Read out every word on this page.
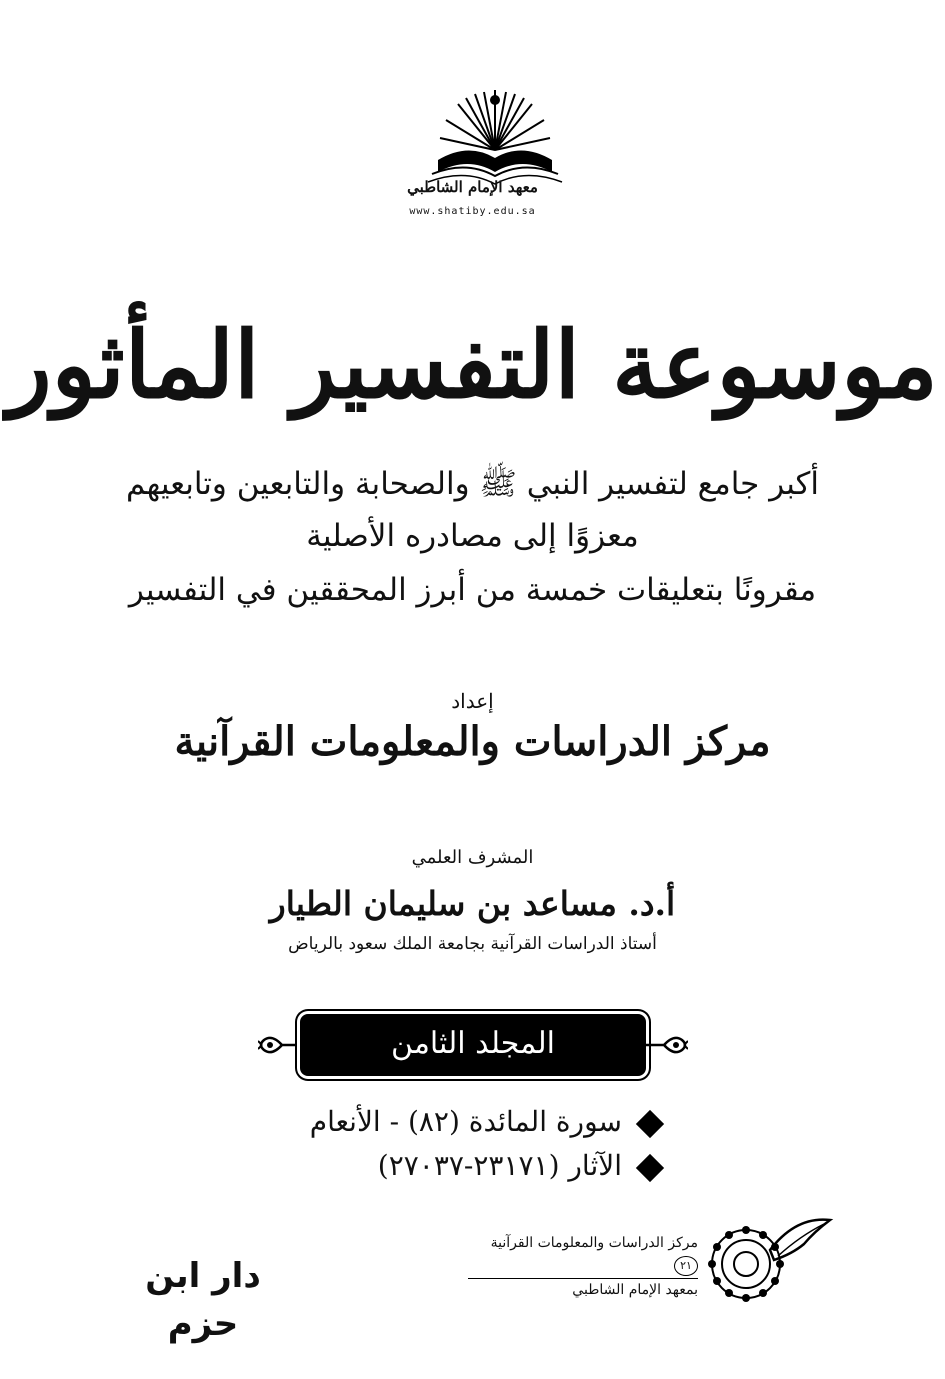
معهد الإمام الشاطبي
www.shatiby.edu.sa
موسوعة التفسير المأثور
أكبر جامع لتفسير النبي ﷺ والصحابة والتابعين وتابعيهم
معزوًا إلى مصادره الأصلية
مقرونًا بتعليقات خمسة من أبرز المحققين في التفسير
إعداد
مركز الدراسات والمعلومات القرآنية
المشرف العلمي
أ.د. مساعد بن سليمان الطيار
أستاذ الدراسات القرآنية بجامعة الملك سعود بالرياض
المجلد الثامن
سورة المائدة (٨٢) - الأنعام
الآثار (٢٣١٧١-٢٧٠٣٧)
دار ابن حزم
مركز الدراسات والمعلومات القرآنية ٢١
بمعهد الإمام الشاطبي
